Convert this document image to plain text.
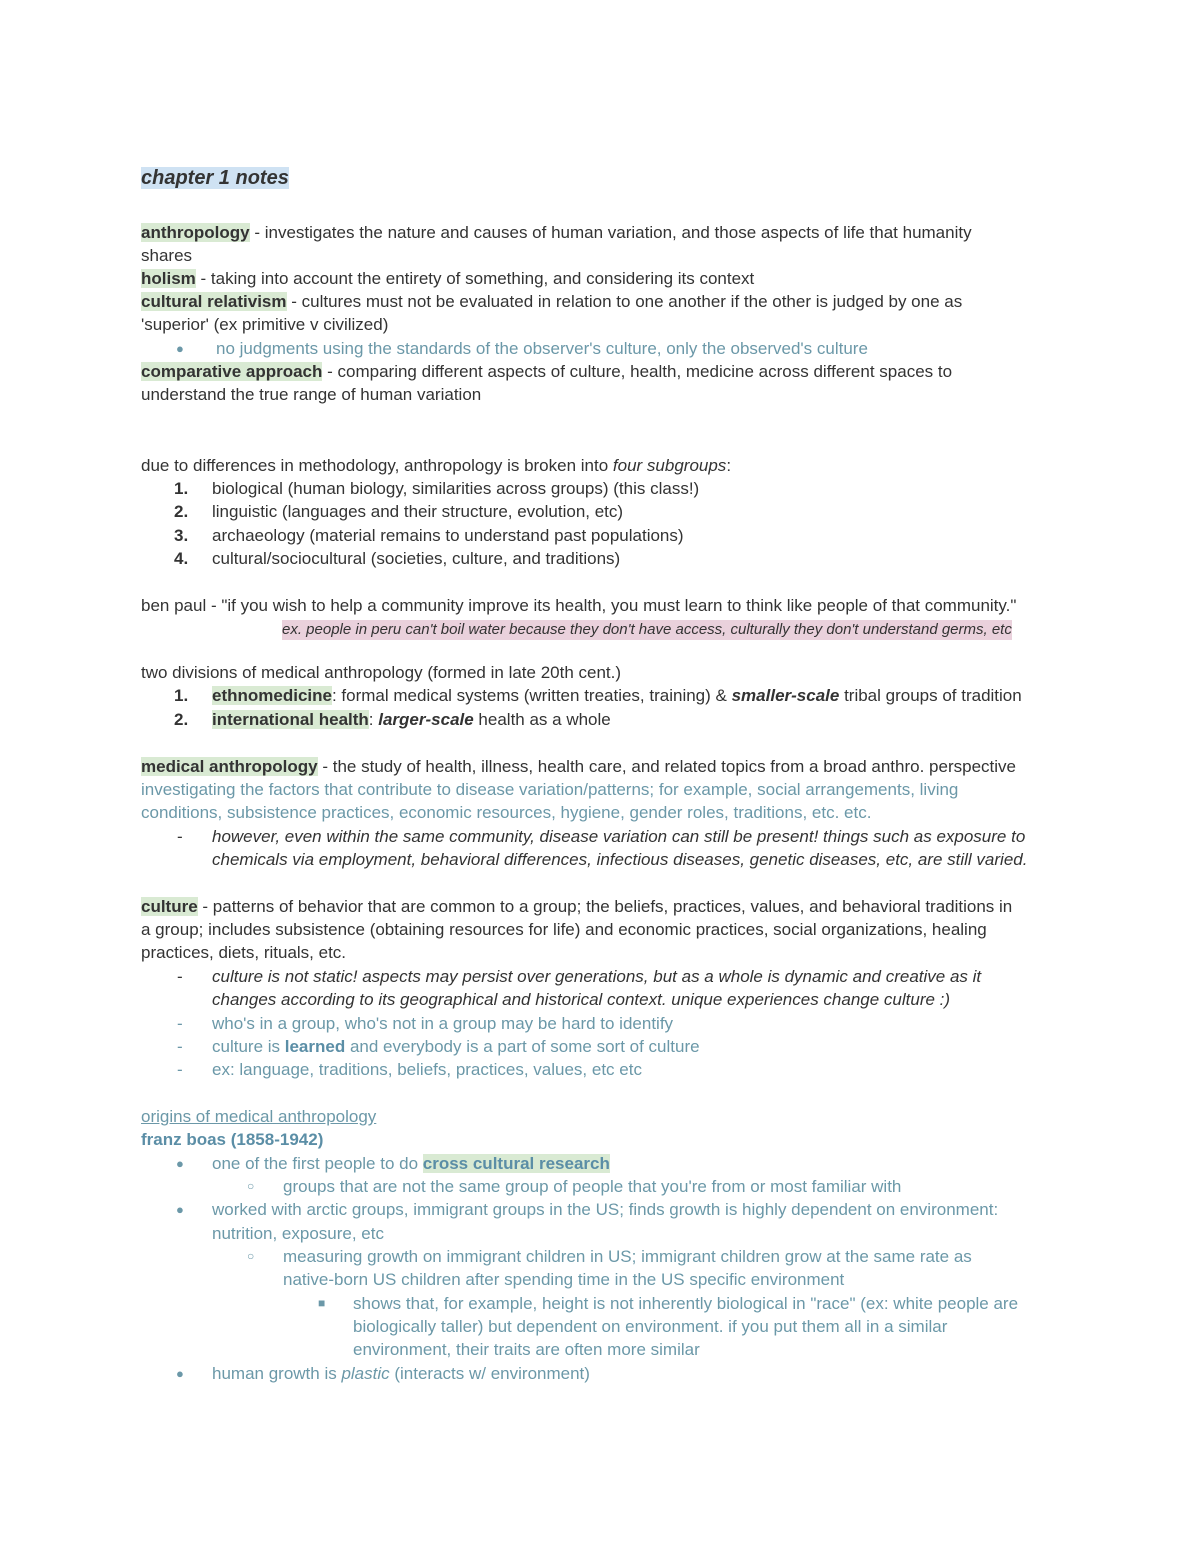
chapter 1 notes
anthropology - investigates the nature and causes of human variation, and those aspects of life that humanity
shares
holism - taking into account the entirety of something, and considering its context
cultural relativism - cultures must not be evaluated in relation to one another if the other is judged by one as
'superior' (ex primitive v civilized)
● no judgments using the standards of the observer's culture, only the observed's culture
comparative approach - comparing different aspects of culture, health, medicine across different spaces to
understand the true range of human variation
due to differences in methodology, anthropology is broken into four subgroups:
1. biological (human biology, similarities across groups) (this class!)
2. linguistic (languages and their structure, evolution, etc)
3. archaeology (material remains to understand past populations)
4. cultural/sociocultural (societies, culture, and traditions)
ben paul - "if you wish to help a community improve its health, you must learn to think like people of that community."
ex. people in peru can't boil water because they don't have access, culturally they don't understand germs, etc
two divisions of medical anthropology (formed in late 20th cent.)
1. ethnomedicine: formal medical systems (written treaties, training) & smaller-scale tribal groups of tradition
2. international health: larger-scale health as a whole
medical anthropology - the study of health, illness, health care, and related topics from a broad anthro. perspective
investigating the factors that contribute to disease variation/patterns; for example, social arrangements, living
conditions, subsistence practices, economic resources, hygiene, gender roles, traditions, etc. etc.
- however, even within the same community, disease variation can still be present! things such as exposure to
chemicals via employment, behavioral differences, infectious diseases, genetic diseases, etc, are still varied.
culture - patterns of behavior that are common to a group; the beliefs, practices, values, and behavioral traditions in
a group; includes subsistence (obtaining resources for life) and economic practices, social organizations, healing
practices, diets, rituals, etc.
- culture is not static! aspects may persist over generations, but as a whole is dynamic and creative as it
changes according to its geographical and historical context. unique experiences change culture :)
- who's in a group, who's not in a group may be hard to identify
- culture is learned and everybody is a part of some sort of culture
- ex: language, traditions, beliefs, practices, values, etc etc
origins of medical anthropology
franz boas (1858-1942)
● one of the first people to do cross cultural research
○ groups that are not the same group of people that you're from or most familiar with
● worked with arctic groups, immigrant groups in the US; finds growth is highly dependent on environment:
nutrition, exposure, etc
○ measuring growth on immigrant children in US; immigrant children grow at the same rate as
native-born US children after spending time in the US specific environment
■ shows that, for example, height is not inherently biological in "race" (ex: white people are
biologically taller) but dependent on environment. if you put them all in a similar
environment, their traits are often more similar
● human growth is plastic (interacts w/ environment)
